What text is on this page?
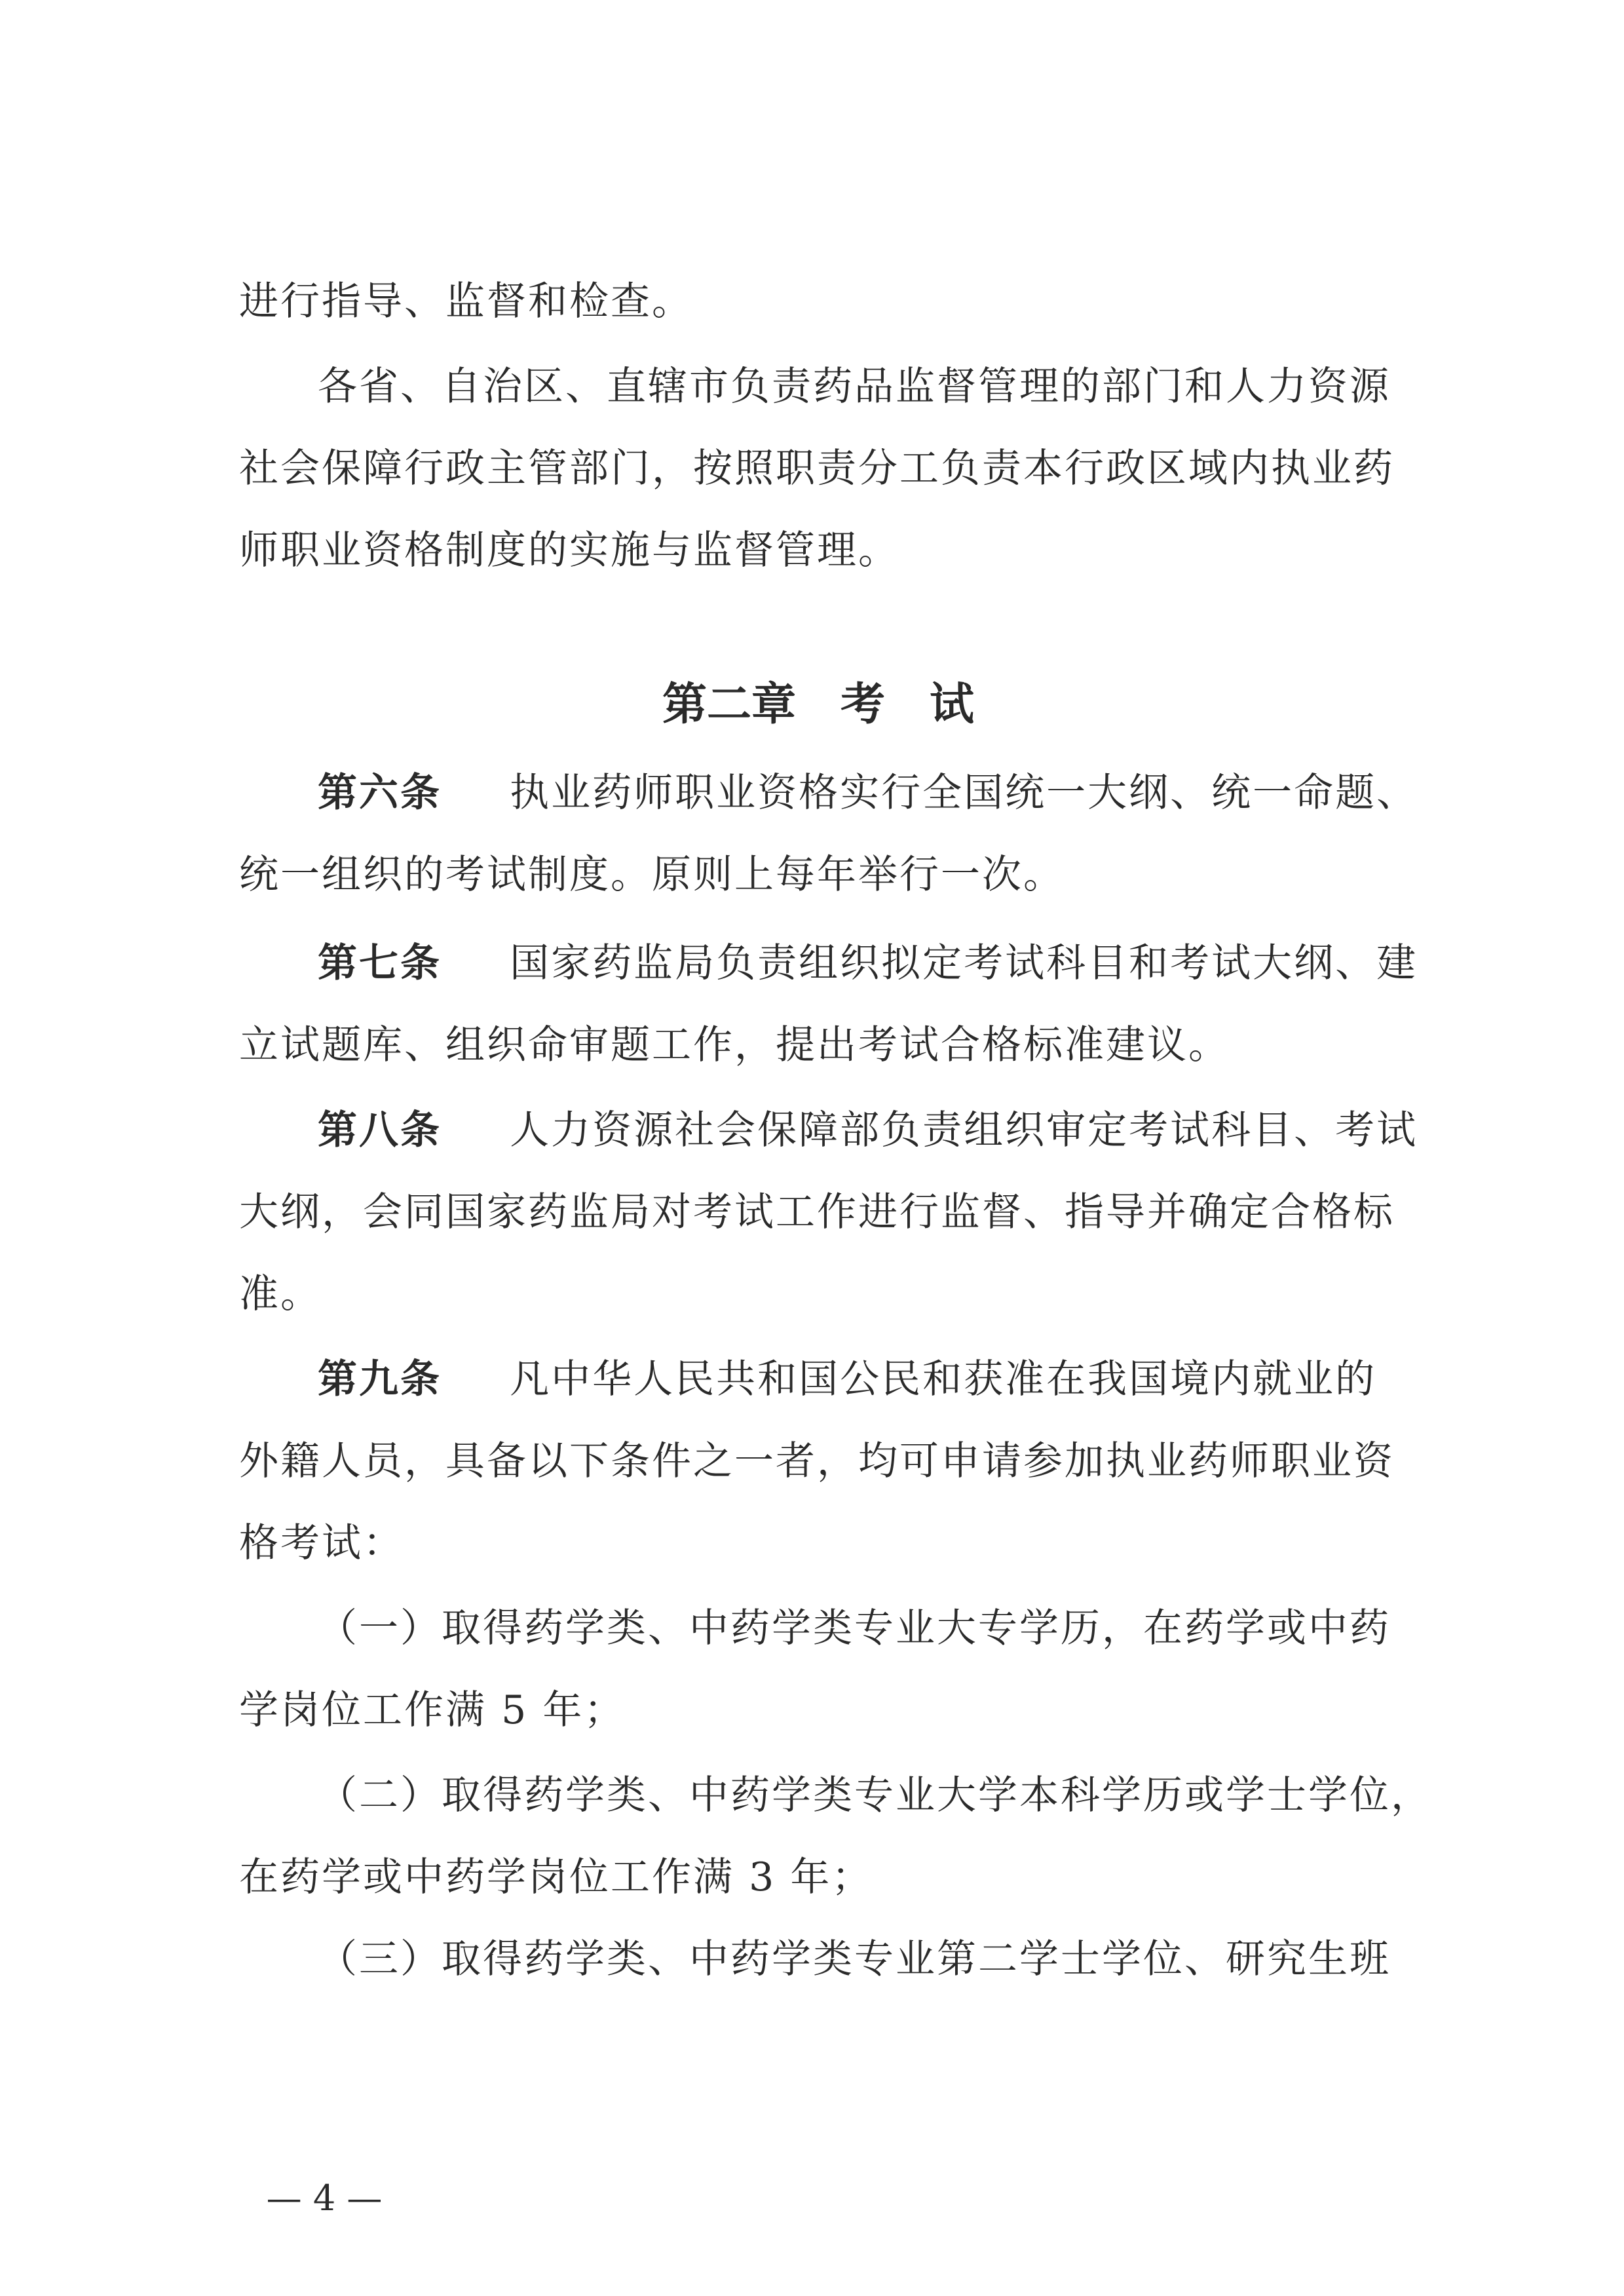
进行指导、监督和检查。

各省、自治区、直辖市负责药品监督管理的部门和人力资源

社会保障行政主管部门，按照职责分工负责本行政区域内执业药

师职业资格制度的实施与监督管理。

第二章　考　试

第六条 执业药师职业资格实行全国统一大纲、统一命题、

统一组织的考试制度。原则上每年举行一次。

第七条 国家药监局负责组织拟定考试科目和考试大纲、建

立试题库、组织命审题工作，提出考试合格标准建议。

第八条 人力资源社会保障部负责组织审定考试科目、考试

大纲，会同国家药监局对考试工作进行监督、指导并确定合格标

准。

第九条 凡中华人民共和国公民和获准在我国境内就业的

外籍人员，具备以下条件之一者，均可申请参加执业药师职业资

格考试：

（一）取得药学类、中药学类专业大专学历，在药学或中药

学岗位工作满 5 年；

（二）取得药学类、中药学类专业大学本科学历或学士学位，

在药学或中药学岗位工作满 3 年；

（三）取得药学类、中药学类专业第二学士学位、研究生班

— 4 —
